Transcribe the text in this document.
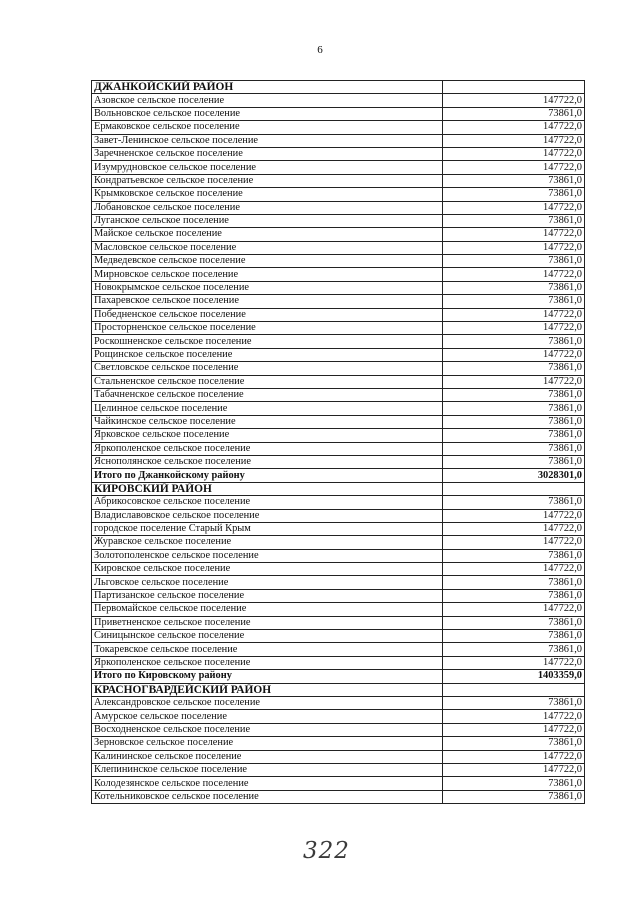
6
ДЖАНКОЙСКИЙ РАЙОН	
Азовское сельское поселение	147722,0
Вольновское сельское поселение	73861,0
Ермаковское сельское поселение	147722,0
Завет-Ленинское сельское поселение	147722,0
Заречненское сельское поселение	147722,0
Изумрудновское сельское поселение	147722,0
Кондратьевское сельское поселение	73861,0
Крымковское сельское поселение	73861,0
Лобановское сельское поселение	147722,0
Луганское сельское поселение	73861,0
Майское сельское поселение	147722,0
Масловское сельское поселение	147722,0
Медведевское сельское поселение	73861,0
Мирновское сельское поселение	147722,0
Новокрымское сельское поселение	73861,0
Пахаревское сельское поселение	73861,0
Победненское сельское поселение	147722,0
Просторненское сельское поселение	147722,0
Роскошненское сельское поселение	73861,0
Рощинское сельское поселение	147722,0
Светловское сельское поселение	73861,0
Стальненское сельское поселение	147722,0
Табачненское сельское поселение	73861,0
Целинное сельское поселение	73861,0
Чайкинское сельское поселение	73861,0
Ярковское сельское поселение	73861,0
Яркополенское сельское поселение	73861,0
Яснополянское сельское поселение	73861,0
Итого по Джанкойскому району	3028301,0
КИРОВСКИЙ РАЙОН	
Абрикосовское сельское поселение	73861,0
Владиславовское сельское поселение	147722,0
городское поселение Старый Крым	147722,0
Журавское сельское поселение	147722,0
Золотополенское сельское поселение	73861,0
Кировское сельское поселение	147722,0
Льговское сельское поселение	73861,0
Партизанское сельское поселение	73861,0
Первомайское сельское поселение	147722,0
Приветненское сельское поселение	73861,0
Синицынское сельское поселение	73861,0
Токаревское сельское поселение	73861,0
Яркополенское сельское поселение	147722,0
Итого по Кировскому району	1403359,0
КРАСНОГВАРДЕЙСКИЙ РАЙОН	
Александровское сельское поселение	73861,0
Амурское сельское поселение	147722,0
Восходненское сельское поселение	147722,0
Зерновское сельское поселение	73861,0
Калининское сельское поселение	147722,0
Клепининское сельское поселение	147722,0
Колодезянское сельское поселение	73861,0
Котельниковское сельское поселение	73861,0
322
